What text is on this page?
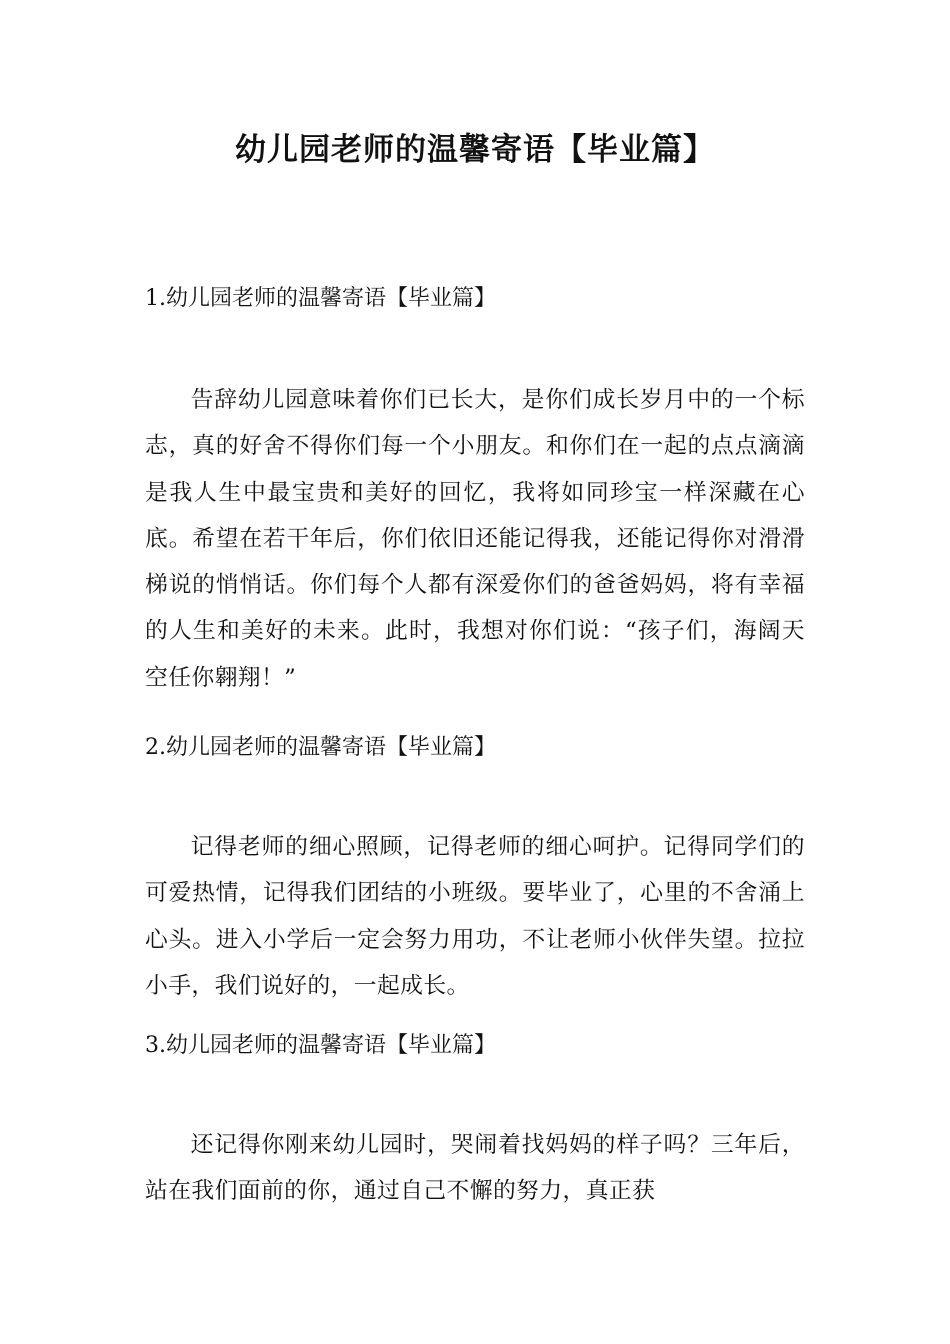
幼儿园老师的温馨寄语【毕业篇】

1.幼儿园老师的温馨寄语【毕业篇】

告辞幼儿园意味着你们已长大，是你们成长岁月中的一个标志，真的好舍不得你们每一个小朋友。和你们在一起的点点滴滴是我人生中最宝贵和美好的回忆，我将如同珍宝一样深藏在心底。希望在若干年后，你们依旧还能记得我，还能记得你对滑滑梯说的悄悄话。你们每个人都有深爱你们的爸爸妈妈，将有幸福的人生和美好的未来。此时，我想对你们说：“孩子们，海阔天空任你翱翔！”

2.幼儿园老师的温馨寄语【毕业篇】

记得老师的细心照顾，记得老师的细心呵护。记得同学们的可爱热情，记得我们团结的小班级。要毕业了，心里的不舍涌上心头。进入小学后一定会努力用功，不让老师小伙伴失望。拉拉小手，我们说好的，一起成长。

3.幼儿园老师的温馨寄语【毕业篇】

还记得你刚来幼儿园时，哭闹着找妈妈的样子吗？三年后，站在我们面前的你，通过自己不懈的努力，真正获
